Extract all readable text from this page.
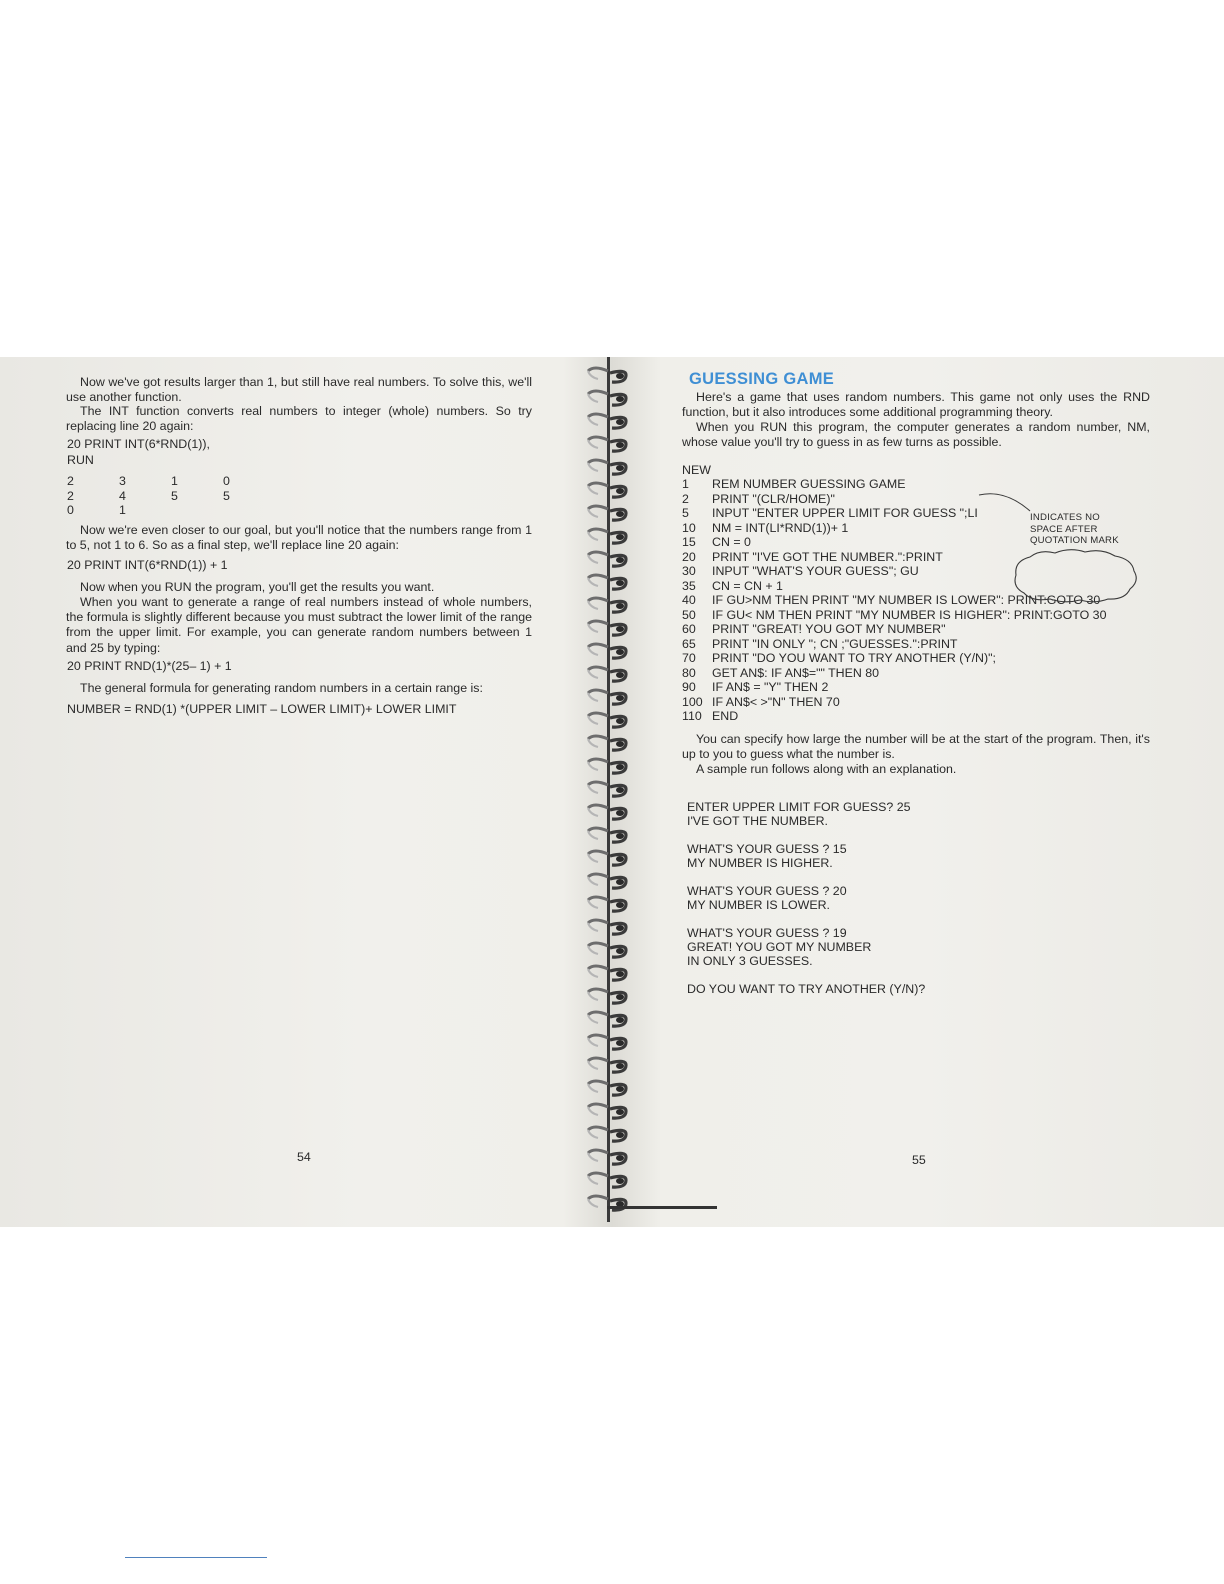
Now we've got results larger than 1, but still have real numbers. To solve this, we'll use another function.

The INT function converts real numbers to integer (whole) numbers. So try replacing line 20 again:

20 PRINT INT(6*RND(1)),
RUN
2	3	1	0
2	4	5	5
0	1

Now we're even closer to our goal, but you'll notice that the numbers range from 1 to 5, not 1 to 6. So as a final step, we'll replace line 20 again:

20 PRINT INT(6*RND(1)) + 1

Now when you RUN the program, you'll get the results you want.

When you want to generate a range of real numbers instead of whole numbers, the formula is slightly different because you must subtract the lower limit of the range from the upper limit. For example, you can generate random numbers between 1 and 25 by typing:

20 PRINT RND(1)*(25– 1) + 1

The general formula for generating random numbers in a certain range is:

NUMBER = RND(1) *(UPPER LIMIT – LOWER LIMIT)+ LOWER LIMIT
54
GUESSING GAME

Here's a game that uses random numbers. This game not only uses the RND function, but it also introduces some additional programming theory.

When you RUN this program, the computer generates a random number, NM, whose value you'll try to guess in as few turns as possible.

NEW
1 REM NUMBER GUESSING GAME
2 PRINT "(CLR/HOME)"
5 INPUT "ENTER UPPER LIMIT FOR GUESS ";LI
10 NM = INT(LI*RND(1))+ 1
15 CN = 0
20 PRINT "I'VE GOT THE NUMBER.":PRINT
30 INPUT "WHAT'S YOUR GUESS"; GU
35 CN = CN + 1
40 IF GU>NM THEN PRINT "MY NUMBER IS LOWER": PRINT:GOTO 30
50 IF GU< NM THEN PRINT "MY NUMBER IS HIGHER": PRINT:GOTO 30
60 PRINT "GREAT! YOU GOT MY NUMBER"
65 PRINT "IN ONLY "; CN ;"GUESSES.":PRINT
70 PRINT "DO YOU WANT TO TRY ANOTHER (Y/N)";
80 GET AN$: IF AN$="" THEN 80
90 IF AN$ = "Y" THEN 2
100 IF AN$< >"N" THEN 70
110 END

You can specify how large the number will be at the start of the program. Then, it's up to you to guess what the number is.

A sample run follows along with an explanation.

ENTER UPPER LIMIT FOR GUESS? 25
I'VE GOT THE NUMBER.
WHAT'S YOUR GUESS ? 15
MY NUMBER IS HIGHER.
WHAT'S YOUR GUESS ? 20
MY NUMBER IS LOWER.
WHAT'S YOUR GUESS ? 19
GREAT! YOU GOT MY NUMBER
IN ONLY 3 GUESSES.
DO YOU WANT TO TRY ANOTHER (Y/N)?
55
INDICATES NO
SPACE AFTER
QUOTATION MARK
